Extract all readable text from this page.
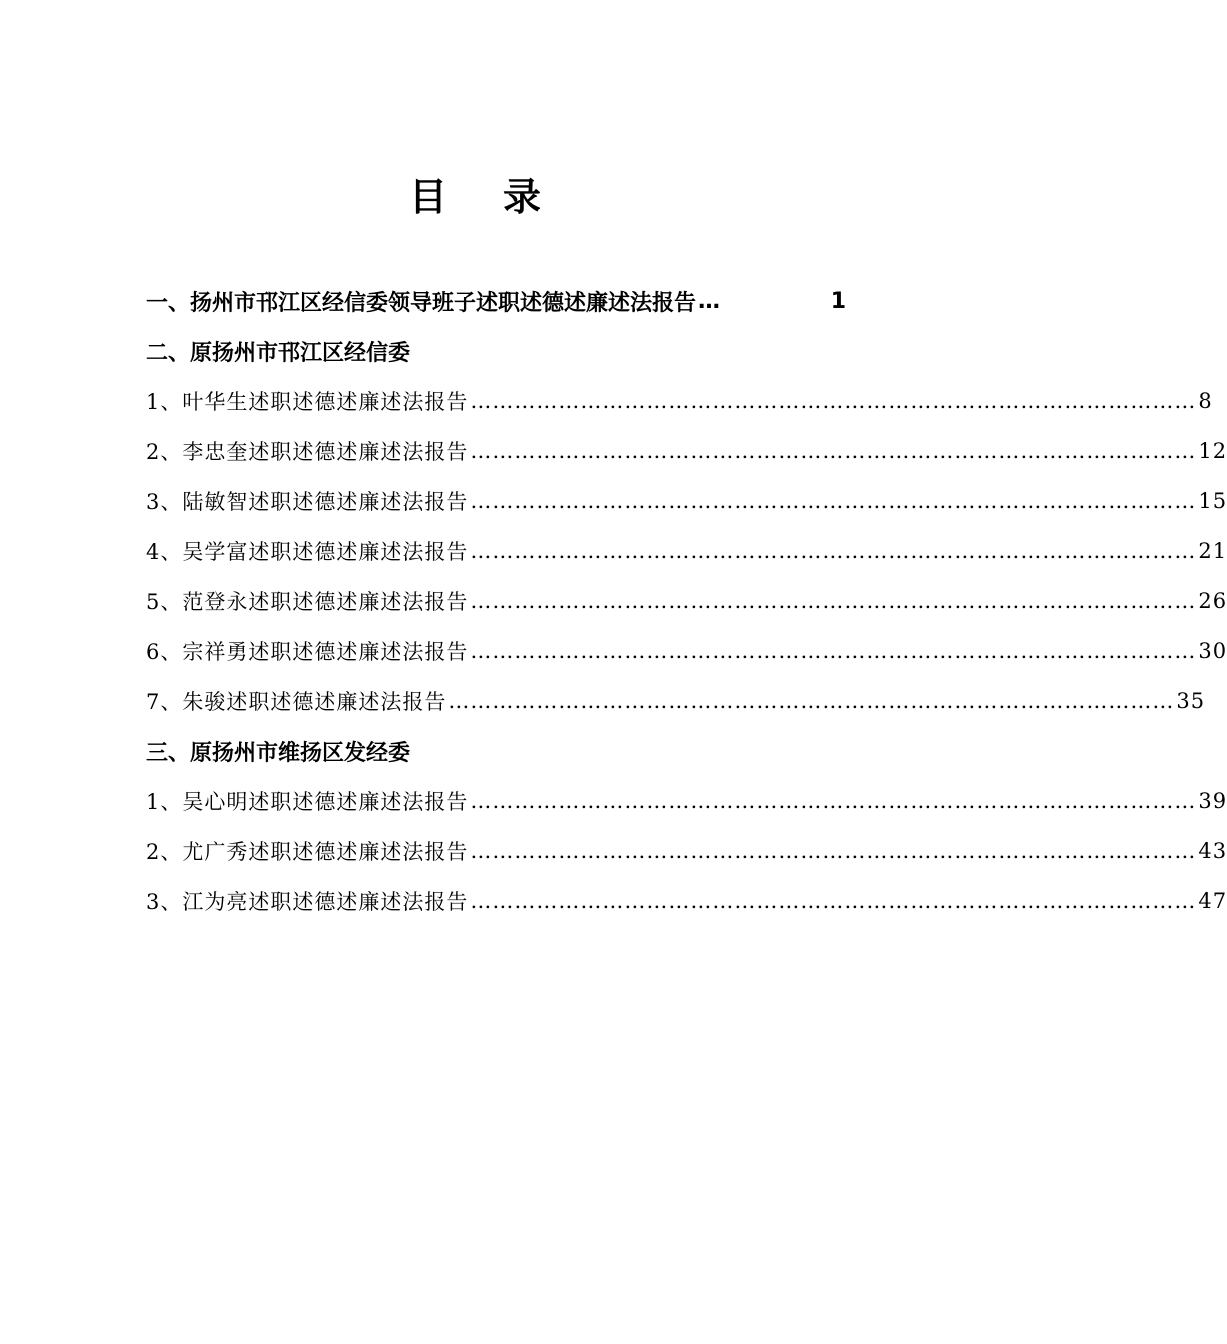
目 录
一、扬州市邗江区经信委领导班子述职述德述廉述法报告 …	1
二、原扬州市邗江区经信委
1、叶华生述职述德述廉述法报告 ……………………………………………………………………………………… 8
2、李忠奎述职述德述廉述法报告 ……………………………………………………………………………………… 12
3、陆敏智述职述德述廉述法报告 ……………………………………………………………………………………… 15
4、吴学富述职述德述廉述法报告 ……………………………………………………………………………………… 21
5、范登永述职述德述廉述法报告 ……………………………………………………………………………………… 26
6、宗祥勇述职述德述廉述法报告 ……………………………………………………………………………………… 30
7、朱骏述职述德述廉述法报告 ……………………………………………………………………………………… 35
三、原扬州市维扬区发经委
1、吴心明述职述德述廉述法报告 ……………………………………………………………………………………… 39
2、尤广秀述职述德述廉述法报告 ……………………………………………………………………………………… 43
3、江为亮述职述德述廉述法报告 ……………………………………………………………………………………… 47
